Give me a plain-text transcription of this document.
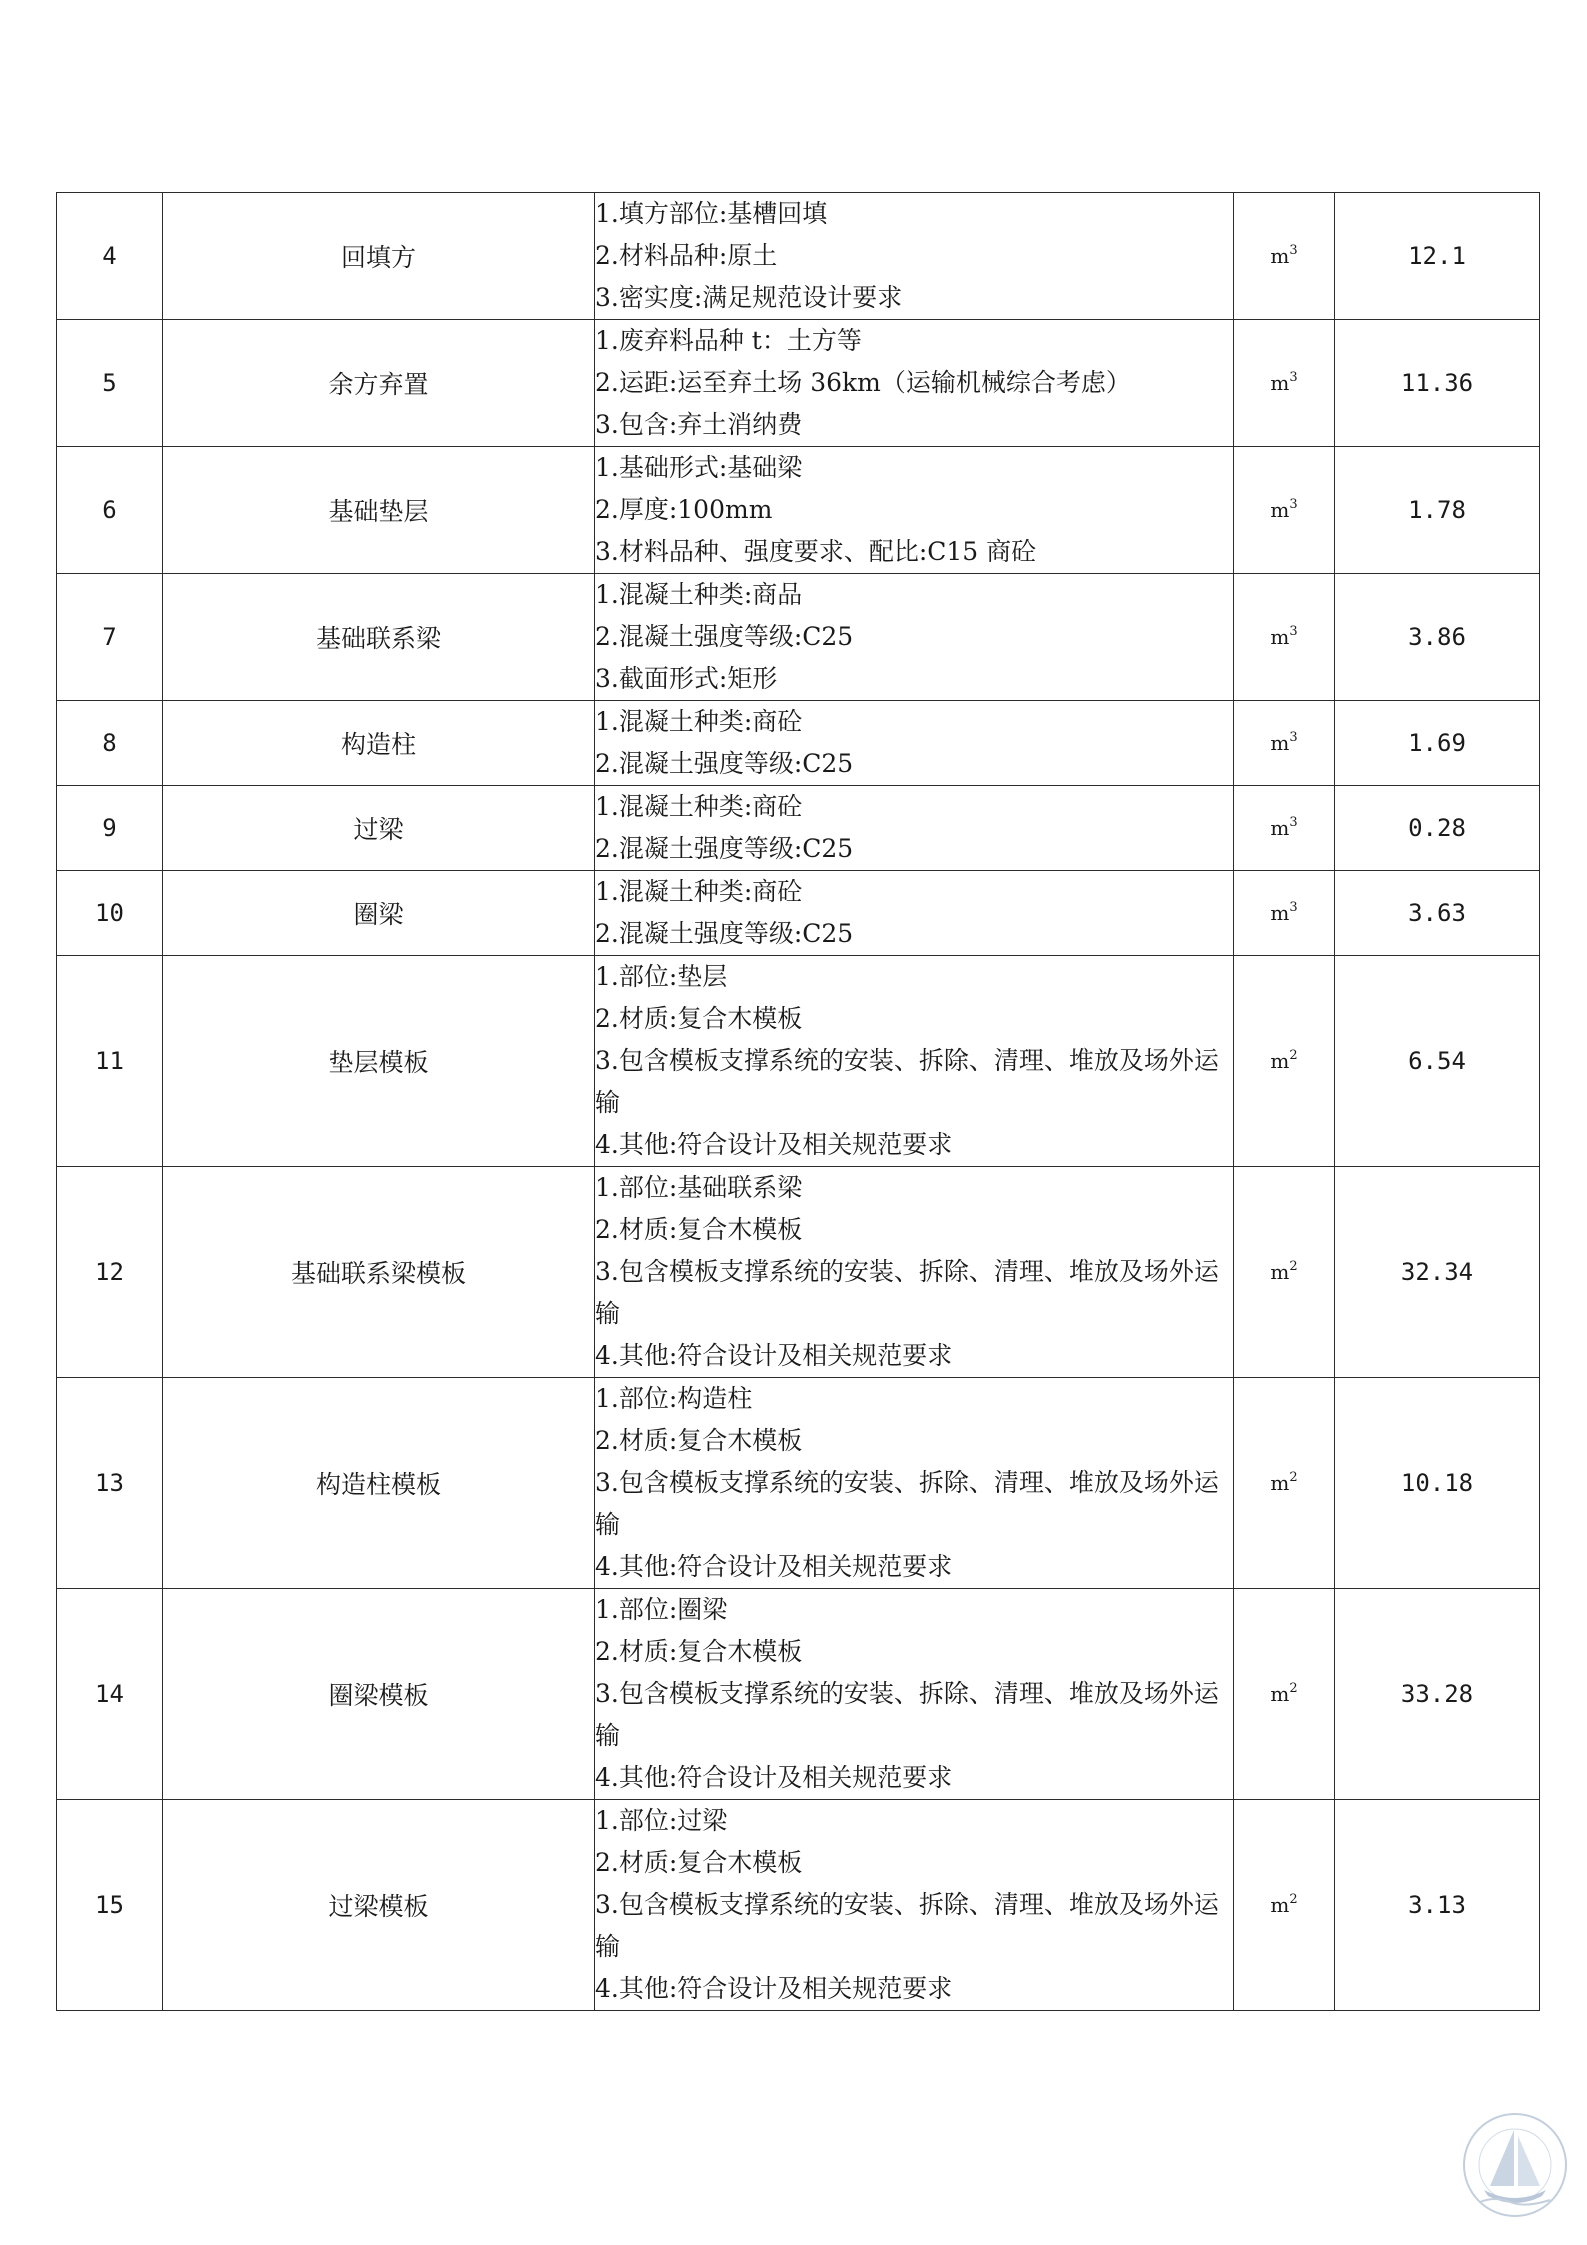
4	回填方	1.填方部位:基槽回填
2.材料品种:原土
3.密实度:满足规范设计要求	$m^3$	12.1
5	余方弃置	1.废弃料品种 t：土方等
2.运距:运至弃土场 36km（运输机械综合考虑）
3.包含:弃土消纳费	$m^3$	11.36
6	基础垫层	1.基础形式:基础梁
2.厚度:100mm
3.材料品种、强度要求、配比:C15 商砼	$m^3$	1.78
7	基础联系梁	1.混凝土种类:商品
2.混凝土强度等级:C25
3.截面形式:矩形	$m^3$	3.86
8	构造柱	1.混凝土种类:商砼
2.混凝土强度等级:C25	$m^3$	1.69
9	过梁	1.混凝土种类:商砼
2.混凝土强度等级:C25	$m^3$	0.28
10	圈梁	1.混凝土种类:商砼
2.混凝土强度等级:C25	$m^3$	3.63
11	垫层模板	1.部位:垫层
2.材质:复合木模板
3.包含模板支撑系统的安装、拆除、清理、堆放及场外运输
4.其他:符合设计及相关规范要求	$m^2$	6.54
12	基础联系梁模板	1.部位:基础联系梁
2.材质:复合木模板
3.包含模板支撑系统的安装、拆除、清理、堆放及场外运输
4.其他:符合设计及相关规范要求	$m^2$	32.34
13	构造柱模板	1.部位:构造柱
2.材质:复合木模板
3.包含模板支撑系统的安装、拆除、清理、堆放及场外运输
4.其他:符合设计及相关规范要求	$m^2$	10.18
14	圈梁模板	1.部位:圈梁
2.材质:复合木模板
3.包含模板支撑系统的安装、拆除、清理、堆放及场外运输
4.其他:符合设计及相关规范要求	$m^2$	33.28
15	过梁模板	1.部位:过梁
2.材质:复合木模板
3.包含模板支撑系统的安装、拆除、清理、堆放及场外运输
4.其他:符合设计及相关规范要求	$m^2$	3.13
